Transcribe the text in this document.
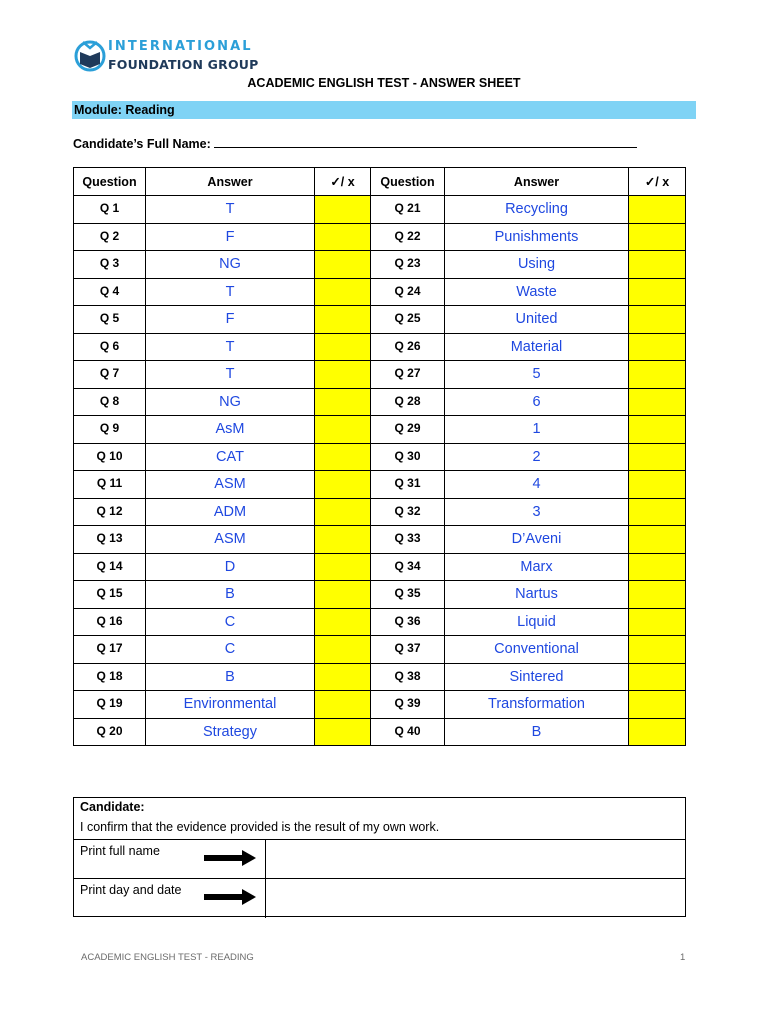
INTERNATIONAL
FOUNDATION GROUP
ACADEMIC ENGLISH TEST - ANSWER SHEET
Module: Reading
Candidate’s Full Name:
Question	Answer	✓/ x
Q 1	T	
Q 2	F	
Q 3	NG	
Q 4	T	
Q 5	F	
Q 6	T	
Q 7	T	
Q 8	NG	
Q 9	AsM	
Q 10	CAT	
Q 11	ASM	
Q 12	ADM	
Q 13	ASM	
Q 14	D	
Q 15	B	
Q 16	C	
Q 17	C	
Q 18	B	
Q 19	Environmental	
Q 20	Strategy	
Question	Answer	✓/ x
Q 21	Recycling	
Q 22	Punishments	
Q 23	Using	
Q 24	Waste	
Q 25	United	
Q 26	Material	
Q 27	5	
Q 28	6	
Q 29	1	
Q 30	2	
Q 31	4	
Q 32	3	
Q 33	D’Aveni	
Q 34	Marx	
Q 35	Nartus	
Q 36	Liquid	
Q 37	Conventional	
Q 38	Sintered	
Q 39	Transformation	
Q 40	B	
Candidate:
I confirm that the evidence provided is the result of my own work.
Print full name
Print day and date
ACADEMIC ENGLISH TEST - READING	1
